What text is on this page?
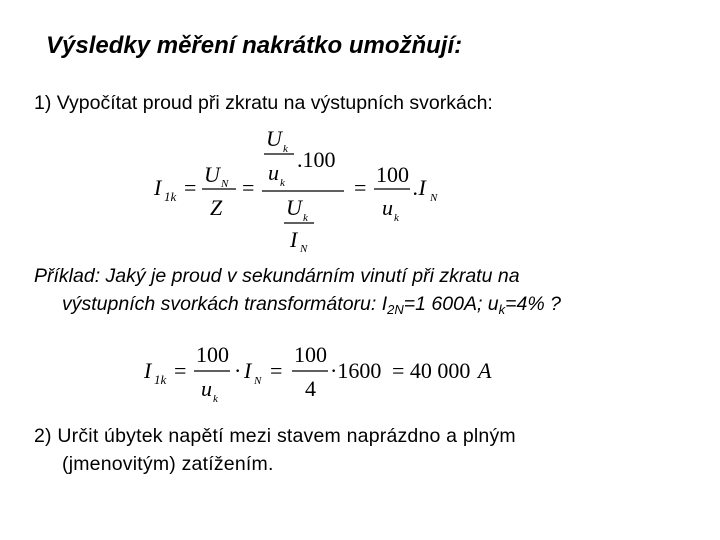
Výsledky měření nakrátko umožňují:
1) Vypočítat proud při zkratu na výstupních svorkách:
I 1k =
U N
Z
=
U k
u k
.100
U k
I N
=
100
u k
.I N
Příklad: Jaký je proud v sekundárním vinutí při zkratu na
výstupních svorkách transformátoru: $I_{2N}=1$ 600A; $u_k=4\%$ ?
I 1k =
100
u k
· I N =
100
4
·1600 = 40 000 A
2) Určit úbytek napětí mezi stavem naprázdno a plným
(jmenovitým) zatížením.
